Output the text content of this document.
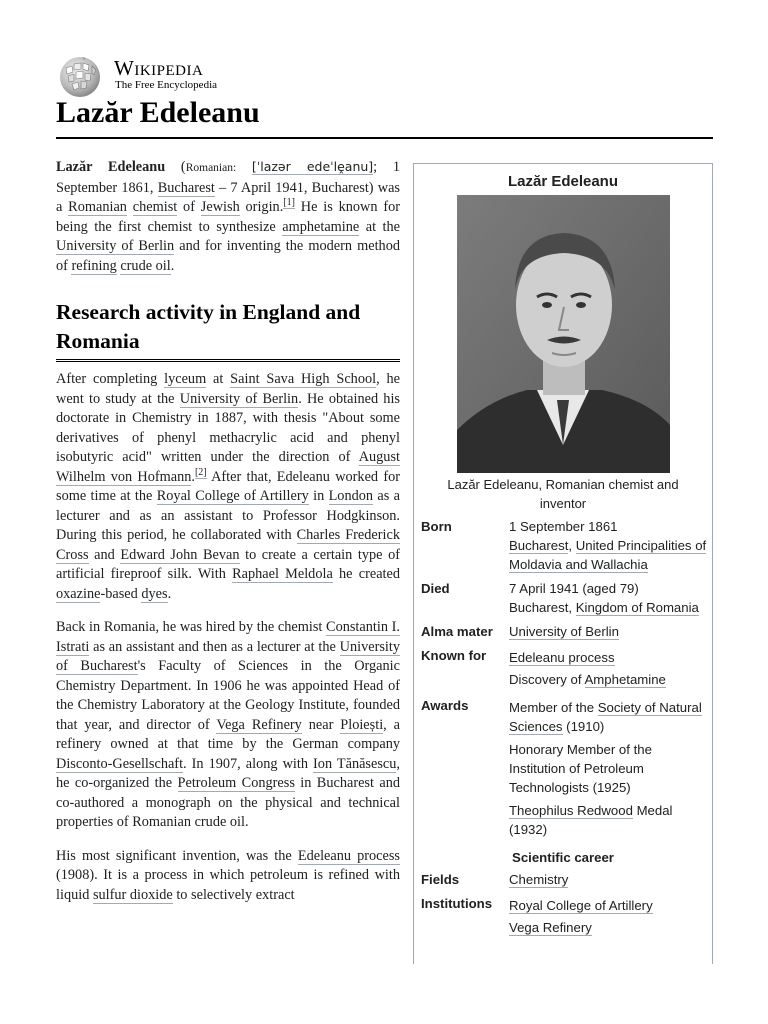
Wikipedia
The Free Encyclopedia
Lazăr Edeleanu

Lazăr Edeleanu (Romanian: [ˈlazər edeˈlḙanu]; 1 September 1861, Bucharest – 7 April 1941, Bucharest) was a Romanian chemist of Jewish origin.[1] He is known for being the first chemist to synthesize amphetamine at the University of Berlin and for inventing the modern method of refining crude oil.

Research activity in England and Romania

After completing lyceum at Saint Sava High School, he went to study at the University of Berlin. He obtained his doctorate in Chemistry in 1887, with thesis "About some derivatives of phenyl methacrylic acid and phenyl isobutyric acid" written under the direction of August Wilhelm von Hofmann.[2] After that, Edeleanu worked for some time at the Royal College of Artillery in London as a lecturer and as an assistant to Professor Hodgkinson. During this period, he collaborated with Charles Frederick Cross and Edward John Bevan to create a certain type of artificial fireproof silk. With Raphael Meldola he created oxazine-based dyes.

Back in Romania, he was hired by the chemist Constantin I. Istrati as an assistant and then as a lecturer at the University of Bucharest's Faculty of Sciences in the Organic Chemistry Department. In 1906 he was appointed Head of the Chemistry Laboratory at the Geology Institute, founded that year, and director of Vega Refinery near Ploiești, a refinery owned at that time by the German company Disconto-Gesellschaft. In 1907, along with Ion Tănăsescu, he co-organized the Petroleum Congress in Bucharest and co-authored a monograph on the physical and technical properties of Romanian crude oil.

His most significant invention, was the Edeleanu process (1908). It is a process in which petroleum is refined with liquid sulfur dioxide to selectively extract

Lazăr Edeleanu
Lazăr Edeleanu, Romanian chemist and inventor
Born	1 September 1861
Bucharest, United Principalities of Moldavia and Wallachia
Died	7 April 1941 (aged 79)
Bucharest, Kingdom of Romania
Alma mater	University of Berlin
Known for	Edeleanu process
Discovery of Amphetamine
Awards	Member of the Society of Natural Sciences (1910)
Honorary Member of the Institution of Petroleum Technologists (1925)
Theophilus Redwood Medal (1932)
Scientific career
Fields	Chemistry
Institutions	Royal College of Artillery
Vega Refinery
